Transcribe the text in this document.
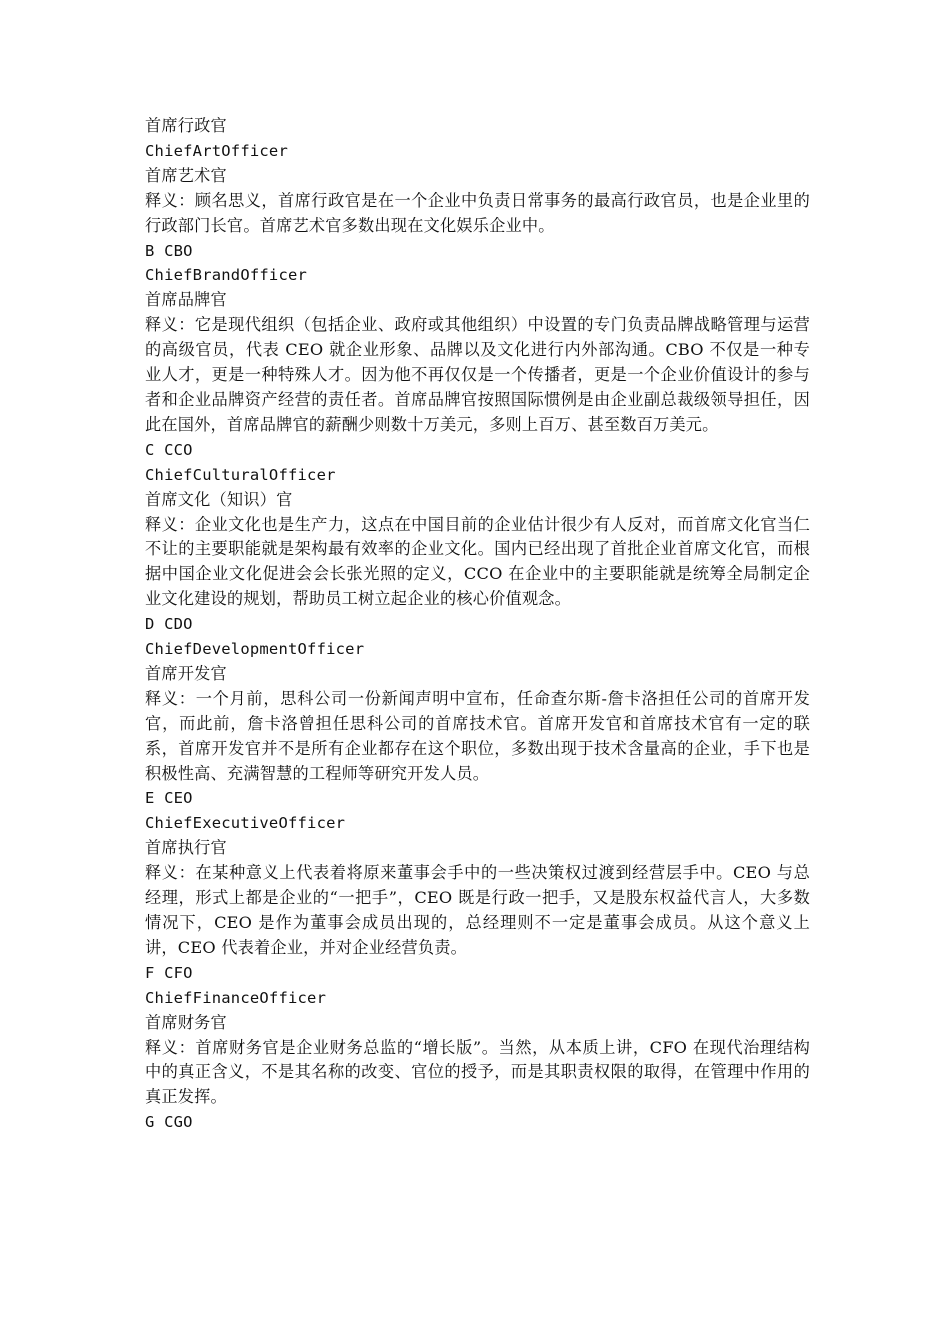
首席行政官

ChiefArtOfficer

首席艺术官

释义：顾名思义，首席行政官是在一个企业中负责日常事务的最高行政官员，也是企业里的行政部门长官。首席艺术官多数出现在文化娱乐企业中。

B CBO

ChiefBrandOfficer

首席品牌官

释义：它是现代组织（包括企业、政府或其他组织）中设置的专门负责品牌战略管理与运营的高级官员，代表 CEO 就企业形象、品牌以及文化进行内外部沟通。CBO 不仅是一种专业人才，更是一种特殊人才。因为他不再仅仅是一个传播者，更是一个企业价值设计的参与者和企业品牌资产经营的责任者。首席品牌官按照国际惯例是由企业副总裁级领导担任，因此在国外，首席品牌官的薪酬少则数十万美元，多则上百万、甚至数百万美元。

C CCO

ChiefCulturalOfficer

首席文化（知识）官

释义：企业文化也是生产力，这点在中国目前的企业估计很少有人反对，而首席文化官当仁不让的主要职能就是架构最有效率的企业文化。国内已经出现了首批企业首席文化官，而根据中国企业文化促进会会长张光照的定义，CCO 在企业中的主要职能就是统筹全局制定企业文化建设的规划，帮助员工树立起企业的核心价值观念。

D CDO

ChiefDevelopmentOfficer

首席开发官

释义：一个月前，思科公司一份新闻声明中宣布，任命查尔斯-詹卡洛担任公司的首席开发官，而此前，詹卡洛曾担任思科公司的首席技术官。首席开发官和首席技术官有一定的联系，首席开发官并不是所有企业都存在这个职位，多数出现于技术含量高的企业，手下也是积极性高、充满智慧的工程师等研究开发人员。

E CEO

ChiefExecutiveOfficer

首席执行官

释义：在某种意义上代表着将原来董事会手中的一些决策权过渡到经营层手中。CEO 与总经理，形式上都是企业的“一把手”，CEO 既是行政一把手，又是股东权益代言人，大多数情况下，CEO 是作为董事会成员出现的，总经理则不一定是董事会成员。从这个意义上讲，CEO 代表着企业，并对企业经营负责。

F CFO

ChiefFinanceOfficer

首席财务官

释义：首席财务官是企业财务总监的“增长版”。当然，从本质上讲，CFO 在现代治理结构中的真正含义，不是其名称的改变、官位的授予，而是其职责权限的取得，在管理中作用的真正发挥。

G CGO
